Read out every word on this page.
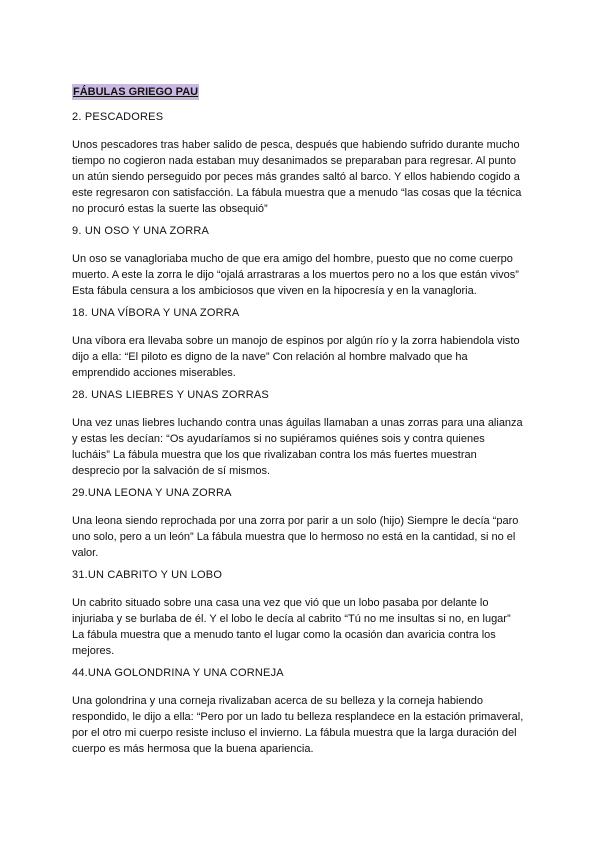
FÁBULAS GRIEGO PAU
2. PESCADORES
Unos pescadores tras haber salido de pesca, después que habiendo sufrido durante mucho
tiempo no cogieron nada estaban muy desanimados se preparaban para regresar. Al punto
un atún siendo perseguido por peces más grandes saltó al barco. Y ellos habiendo cogido a
este regresaron con satisfacción. La fábula muestra que a menudo “las cosas que la técnica
no procuró estas la suerte las obsequió”
9. UN OSO Y UNA ZORRA
Un oso se vanagloriaba mucho de que era amigo del hombre, puesto que no come cuerpo
muerto. A este la zorra le dijo “ojalá arrastraras a los muertos pero no a los que están vivos”
Esta fábula censura a los ambiciosos que viven en la hipocresía y en la vanagloria.
18. UNA VÍBORA Y UNA ZORRA
Una víbora era llevaba sobre un manojo de espinos por algún río y la zorra habiendola visto
dijo a ella: “El piloto es digno de la nave” Con relación al hombre malvado que ha
emprendido acciones miserables.
28. UNAS LIEBRES Y UNAS ZORRAS
Una vez unas liebres luchando contra unas águilas llamaban a unas zorras para una alianza
y estas les decían: “Os ayudaríamos si no supiéramos quiénes sois y contra quienes
lucháis” La fábula muestra que los que rivalizaban contra los más fuertes muestran
desprecio por la salvación de sí mismos.
29.UNA LEONA Y UNA ZORRA
Una leona siendo reprochada por una zorra por parir a un solo (hijo) Siempre le decía “paro
uno solo, pero a un león” La fábula muestra que lo hermoso no está en la cantidad, si no el
valor.
31.UN CABRITO Y UN LOBO
Un cabrito situado sobre una casa una vez que vió que un lobo pasaba por delante lo
injuriaba y se burlaba de él. Y el lobo le decía al cabrito “Tú no me insultas si no, en lugar”
La fábula muestra que a menudo tanto el lugar como la ocasión dan avaricia contra los
mejores.
44.UNA GOLONDRINA Y UNA CORNEJA
Una golondrina y una corneja rivalizaban acerca de su belleza y la corneja habiendo
respondido, le dijo a ella: “Pero por un lado tu belleza resplandece en la estación primaveral,
por el otro mi cuerpo resiste incluso el invierno. La fábula muestra que la larga duración del
cuerpo es más hermosa que la buena apariencia.
